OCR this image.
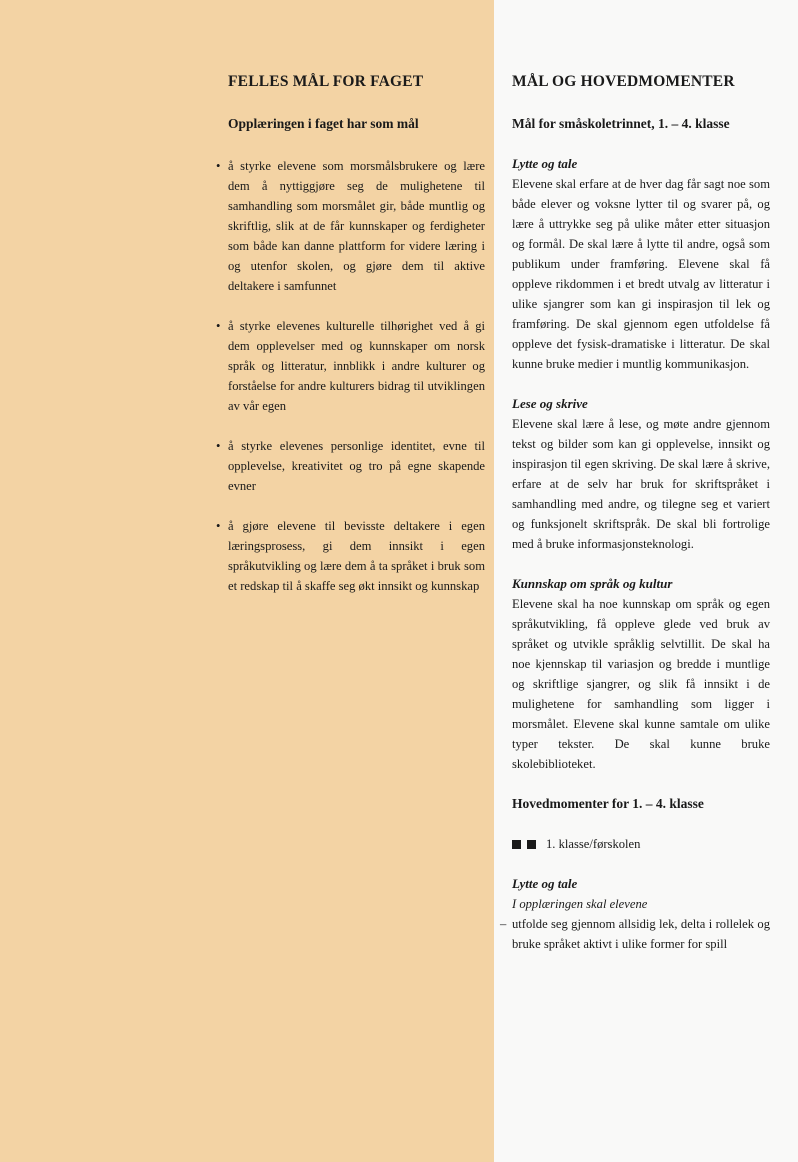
FELLES MÅL FOR FAGET

Opplæringen i faget har som mål

• å styrke elevene som morsmålsbrukere og lære dem å nyttiggjøre seg de mulighetene til samhandling som morsmålet gir, både muntlig og skriftlig, slik at de får kunnskaper og ferdigheter som både kan danne plattform for videre læring i og utenfor skolen, og gjøre dem til aktive deltakere i samfunnet
• å styrke elevenes kulturelle tilhørighet ved å gi dem opplevelser med og kunnskaper om norsk språk og litteratur, innblikk i andre kulturer og forståelse for andre kulturers bidrag til utviklingen av vår egen
• å styrke elevenes personlige identitet, evne til opplevelse, kreativitet og tro på egne skapende evner
• å gjøre elevene til bevisste deltakere i egen læringsprosess, gi dem innsikt i egen språkutvikling og lære dem å ta språket i bruk som et redskap til å skaffe seg økt innsikt og kunnskap
MÅL OG HOVEDMOMENTER

Mål for småskoletrinnet, 1. – 4. klasse

Lytte og tale

Elevene skal erfare at de hver dag får sagt noe som både elever og voksne lytter til og svarer på, og lære å uttrykke seg på ulike måter etter situasjon og formål. De skal lære å lytte til andre, også som publikum under framføring. Elevene skal få oppleve rikdommen i et bredt utvalg av litteratur i ulike sjangrer som kan gi inspirasjon til lek og framføring. De skal gjennom egen utfoldelse få oppleve det fysisk-dramatiske i litteratur. De skal kunne bruke medier i muntlig kommunikasjon.

Lese og skrive

Elevene skal lære å lese, og møte andre gjennom tekst og bilder som kan gi opplevelse, innsikt og inspirasjon til egen skriving. De skal lære å skrive, erfare at de selv har bruk for skriftspråket i samhandling med andre, og tilegne seg et variert og funksjonelt skriftspråk. De skal bli fortrolige med å bruke informasjonsteknologi.

Kunnskap om språk og kultur

Elevene skal ha noe kunnskap om språk og egen språkutvikling, få oppleve glede ved bruk av språket og utvikle språklig selvtillit. De skal ha noe kjennskap til variasjon og bredde i muntlige og skriftlige sjangrer, og slik få innsikt i de mulighetene for samhandling som ligger i morsmålet. Elevene skal kunne samtale om ulike typer tekster. De skal kunne bruke skolebiblioteket.

Hovedmomenter for 1. – 4. klasse

1. klasse/førskolen

Lytte og tale

I opplæringen skal elevene

– utfolde seg gjennom allsidig lek, delta i rollelek og bruke språket aktivt i ulike former for spill
